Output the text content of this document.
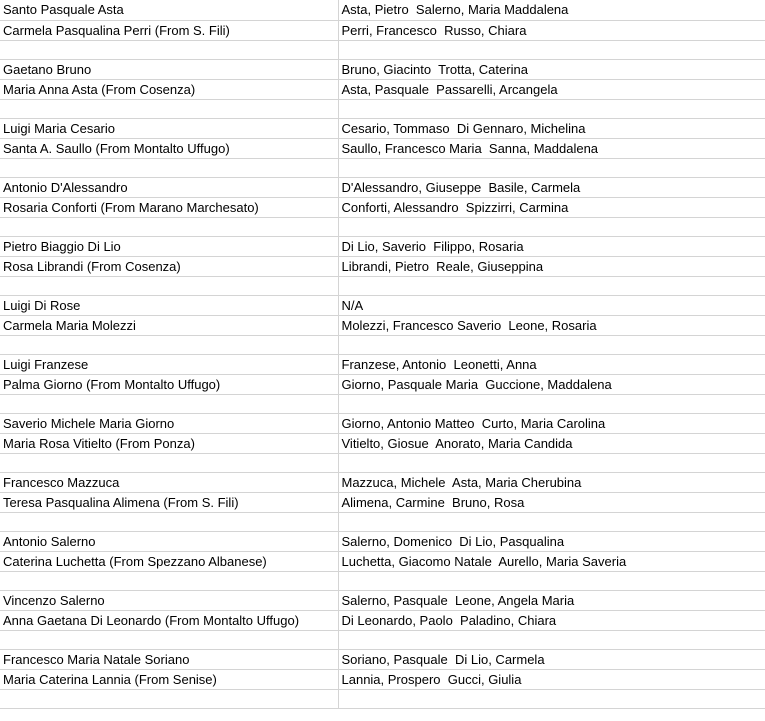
Santo Pasquale Asta	Asta, Pietro  Salerno, Maria Maddalena
Carmela Pasqualina Perri (From S. Fili)	Perri, Francesco  Russo, Chiara

Gaetano Bruno	Bruno, Giacinto  Trotta, Caterina
Maria Anna Asta (From Cosenza)	Asta, Pasquale  Passarelli, Arcangela

Luigi Maria Cesario	Cesario, Tommaso  Di Gennaro, Michelina
Santa A. Saullo (From Montalto Uffugo)	Saullo, Francesco Maria  Sanna, Maddalena

Antonio D'Alessandro	D'Alessandro, Giuseppe  Basile, Carmela
Rosaria Conforti (From Marano Marchesato)	Conforti, Alessandro  Spizzirri, Carmina

Pietro Biaggio Di Lio	Di Lio, Saverio  Filippo, Rosaria
Rosa Librandi (From Cosenza)	Librandi, Pietro  Reale, Giuseppina

Luigi Di Rose	N/A
Carmela Maria Molezzi	Molezzi, Francesco Saverio  Leone, Rosaria

Luigi Franzese	Franzese, Antonio  Leonetti, Anna
Palma Giorno (From Montalto Uffugo)	Giorno, Pasquale Maria  Guccione, Maddalena

Saverio Michele Maria Giorno	Giorno, Antonio Matteo  Curto, Maria Carolina
Maria Rosa Vitielto (From Ponza)	Vitielto, Giosue  Anorato, Maria Candida

Francesco Mazzuca	Mazzuca, Michele  Asta, Maria Cherubina
Teresa Pasqualina Alimena (From S. Fili)	Alimena, Carmine  Bruno, Rosa

Antonio Salerno	Salerno, Domenico  Di Lio, Pasqualina
Caterina Luchetta (From Spezzano Albanese)	Luchetta, Giacomo Natale  Aurello, Maria Saveria

Vincenzo Salerno	Salerno, Pasquale  Leone, Angela Maria
Anna Gaetana Di Leonardo (From Montalto Uffugo)	Di Leonardo, Paolo  Paladino, Chiara

Francesco Maria Natale Soriano	Soriano, Pasquale  Di Lio, Carmela
Maria Caterina Lannia (From Senise)	Lannia, Prospero  Gucci, Giulia
